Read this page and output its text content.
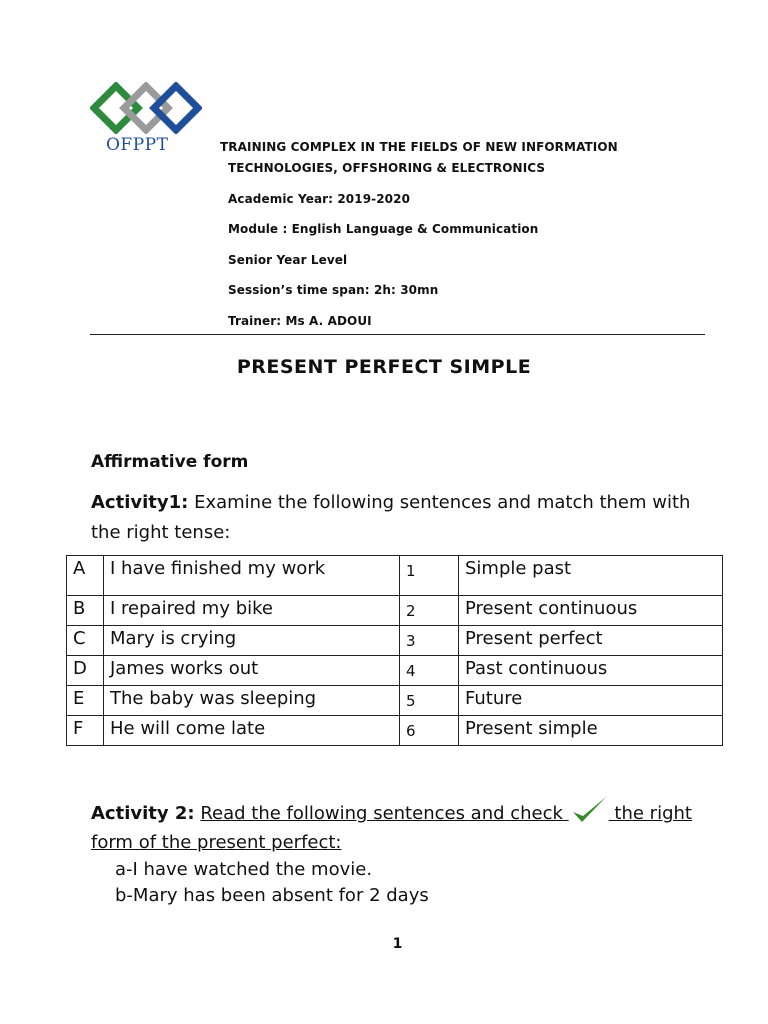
OFPPT	TRAINING COMPLEX IN THE FIELDS OF NEW INFORMATION
TECHNOLOGIES, OFFSHORING & ELECTRONICS
Academic Year: 2019-2020
Module : English Language & Communication
Senior Year Level
Session’s time span: 2h: 30mn
Trainer: Ms A. ADOUI
PRESENT PERFECT SIMPLE
Affirmative form
Activity1: Examine the following sentences and match them with the right tense:
A	I have finished my work	1	Simple past
B	I repaired my bike	2	Present continuous
C	Mary is crying	3	Present perfect
D	James works out	4	Past continuous
E	The baby was sleeping	5	Future
F	He will come late	6	Present simple
Activity 2: Read the following sentences and check  the right form of the present perfect:
a-I have watched the movie.
b-Mary has been absent for 2 days
1
